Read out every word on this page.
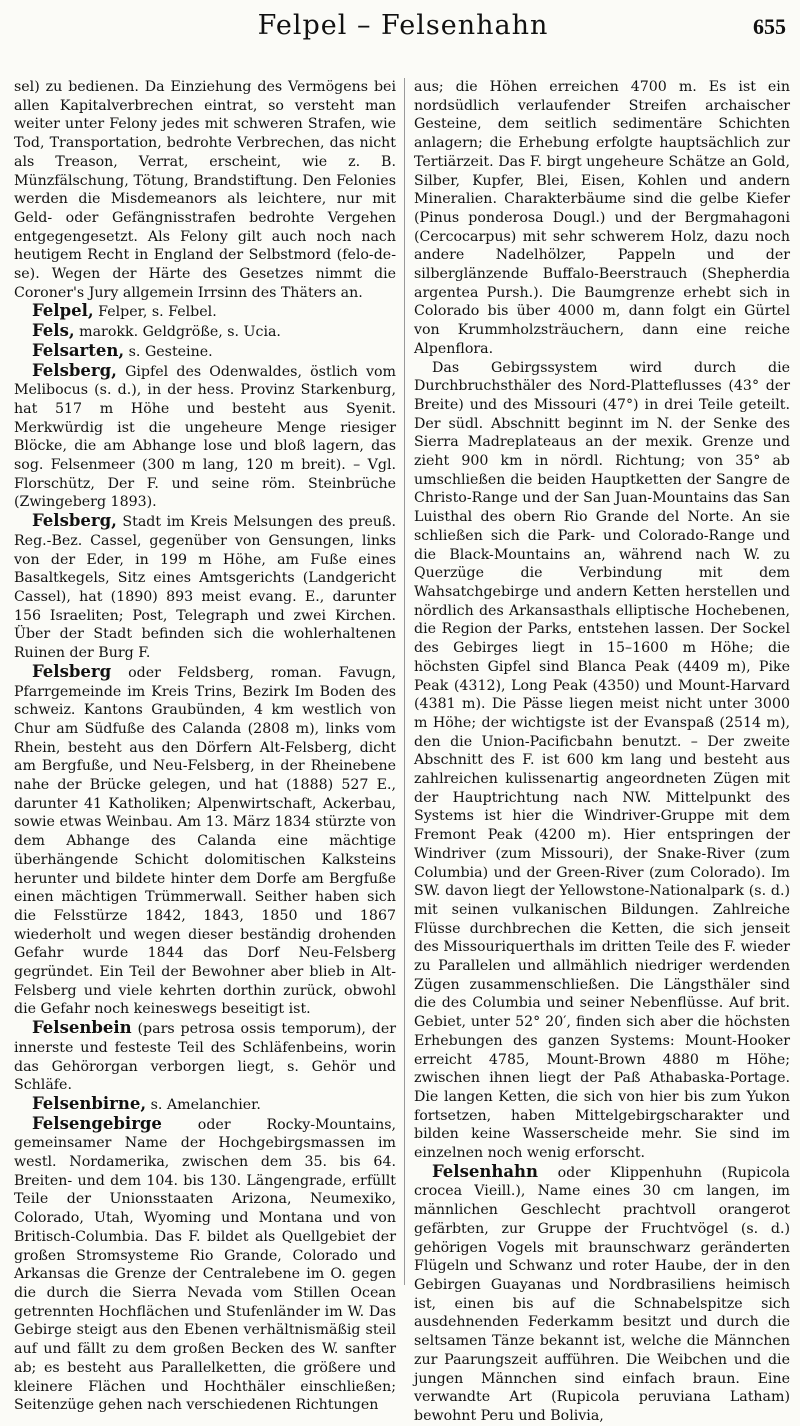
Felpel – Felsenhahn	655

sel) zu bedienen. Da Einziehung des Vermögens bei allen Kapitalverbrechen eintrat, so versteht man weiter unter Felony jedes mit schweren Strafen, wie Tod, Transportation, bedrohte Verbrechen, das nicht als Treason, Verrat, erscheint, wie z. B. Münzfälschung, Tötung, Brandstiftung. Den Felonies werden die Misdemeanors als leichtere, nur mit Geld- oder Gefängnisstrafen bedrohte Vergehen entgegengesetzt. Als Felony gilt auch noch nach heutigem Recht in England der Selbstmord (felo-de-se). Wegen der Härte des Gesetzes nimmt die Coroner's Jury allgemein Irrsinn des Thäters an.

Felpel, Felper, s. Felbel.

Fels, marokk. Geldgröße, s. Ucia.

Felsarten, s. Gesteine.

Felsberg, Gipfel des Odenwaldes, östlich vom Melibocus (s. d.), in der hess. Provinz Starkenburg, hat 517 m Höhe und besteht aus Syenit. Merkwürdig ist die ungeheure Menge riesiger Blöcke, die am Abhange lose und bloß lagern, das sog. Felsenmeer (300 m lang, 120 m breit). – Vgl. Florschütz, Der F. und seine röm. Steinbrüche (Zwingeberg 1893).

Felsberg, Stadt im Kreis Melsungen des preuß. Reg.-Bez. Cassel, gegenüber von Gensungen, links von der Eder, in 199 m Höhe, am Fuße eines Basaltkegels, Sitz eines Amtsgerichts (Landgericht Cassel), hat (1890) 893 meist evang. E., darunter 156 Israeliten; Post, Telegraph und zwei Kirchen. Über der Stadt befinden sich die wohlerhaltenen Ruinen der Burg F.

Felsberg oder Feldsberg, roman. Favugn, Pfarrgemeinde im Kreis Trins, Bezirk Im Boden des schweiz. Kantons Graubünden, 4 km westlich von Chur am Südfuße des Calanda (2808 m), links vom Rhein, besteht aus den Dörfern Alt-Felsberg, dicht am Bergfuße, und Neu-Felsberg, in der Rheinebene nahe der Brücke gelegen, und hat (1888) 527 E., darunter 41 Katholiken; Alpenwirtschaft, Ackerbau, sowie etwas Weinbau. Am 13. März 1834 stürzte von dem Abhange des Calanda eine mächtige überhängende Schicht dolomitischen Kalksteins herunter und bildete hinter dem Dorfe am Bergfuße einen mächtigen Trümmerwall. Seither haben sich die Felsstürze 1842, 1843, 1850 und 1867 wiederholt und wegen dieser beständig drohenden Gefahr wurde 1844 das Dorf Neu-Felsberg gegründet. Ein Teil der Bewohner aber blieb in Alt-Felsberg und viele kehrten dorthin zurück, obwohl die Gefahr noch keineswegs beseitigt ist.

Felsenbein (pars petrosa ossis temporum), der innerste und festeste Teil des Schläfenbeins, worin das Gehörorgan verborgen liegt, s. Gehör und Schläfe.

Felsenbirne, s. Amelanchier.

Felsengebirge	oder Rocky-Mountains, gemeinsamer Name der Hochgebirgsmassen im westl. Nordamerika, zwischen dem 35. bis 64. Breiten- und dem 104. bis 130. Längengrade, erfüllt Teile der Unionsstaaten Arizona, Neumexiko, Colorado, Utah, Wyoming und Montana und von Britisch-Columbia. Das F. bildet als Quellgebiet der großen Stromsysteme Rio Grande, Colorado und Arkansas die Grenze der Centralebene im O. gegen die durch die Sierra Nevada vom Stillen Ocean getrennten Hochflächen und Stufenländer im W. Das Gebirge steigt aus den Ebenen verhältnismäßig steil auf und fällt zu dem großen Becken des W. sanfter ab; es besteht aus Parallelketten, die größere und kleinere Flächen und Hochthäler einschließen; Seitenzüge gehen nach verschiedenen Richtungen

aus; die Höhen erreichen 4700 m. Es ist ein nordsüdlich verlaufender Streifen archaischer Gesteine, dem seitlich sedimentäre Schichten anlagern; die Erhebung erfolgte hauptsächlich zur Tertiärzeit. Das F. birgt ungeheure Schätze an Gold, Silber, Kupfer, Blei, Eisen, Kohlen und andern Mineralien. Charakterbäume sind die gelbe Kiefer (Pinus ponderosa Dougl.) und der Bergmahagoni (Cercocarpus) mit sehr schwerem Holz, dazu noch andere Nadelhölzer, Pappeln und der silberglänzende Buffalo-Beerstrauch (Shepherdia argentea Pursh.). Die Baumgrenze erhebt sich in Colorado bis über 4000 m, dann folgt ein Gürtel von Krummholzsträuchern, dann eine reiche Alpenflora.

Das Gebirgssystem wird durch die Durchbruchsthäler des Nord-Platteflusses (43° der Breite) und des Missouri (47°) in drei Teile geteilt. Der südl. Abschnitt beginnt im N. der Senke des Sierra Madreplateaus an der mexik. Grenze und zieht 900 km in nördl. Richtung; von 35° ab umschließen die beiden Hauptketten der Sangre de Christo-Range und der San Juan-Mountains das San Luisthal des obern Rio Grande del Norte. An sie schließen sich die Park- und Colorado-Range und die Black-Mountains an, während nach W. zu Querzüge die Verbindung mit dem Wahsatchgebirge und andern Ketten herstellen und nördlich des Arkansasthals elliptische Hochebenen, die Region der Parks, entstehen lassen. Der Sockel des Gebirges liegt in 15–1600 m Höhe; die höchsten Gipfel sind Blanca Peak (4409 m), Pike Peak (4312), Long Peak (4350) und Mount-Harvard (4381 m). Die Pässe liegen meist nicht unter 3000 m Höhe; der wichtigste ist der Evanspaß (2514 m), den die Union-Pacificbahn benutzt. – Der zweite Abschnitt des F. ist 600 km lang und besteht aus zahlreichen kulissenartig angeordneten Zügen mit der Hauptrichtung nach NW. Mittelpunkt des Systems ist hier die Windriver-Gruppe mit dem Fremont Peak (4200 m). Hier entspringen der Windriver (zum Missouri), der Snake-River (zum Columbia) und der Green-River (zum Colorado). Im SW. davon liegt der Yellowstone-Nationalpark (s. d.) mit seinen vulkanischen Bildungen. Zahlreiche Flüsse durchbrechen die Ketten, die sich jenseit des Missouriquerthals im dritten Teile des F. wieder zu Parallelen und allmählich niedriger werdenden Zügen zusammenschließen. Die Längsthäler sind die des Columbia und seiner Nebenflüsse. Auf brit. Gebiet, unter 52° 20′, finden sich aber die höchsten Erhebungen des ganzen Systems: Mount-Hooker erreicht 4785, Mount-Brown 4880 m Höhe; zwischen ihnen liegt der Paß Athabaska-Portage. Die langen Ketten, die sich von hier bis zum Yukon fortsetzen, haben Mittelgebirgscharakter und bilden keine Wasserscheide mehr. Sie sind im einzelnen noch wenig erforscht.

Felsenhahn oder Klippenhuhn (Rupicola crocea Vieill.), Name eines 30 cm langen, im männlichen Geschlecht prachtvoll orangerot gefärbten, zur Gruppe der Fruchtvögel (s. d.) gehörigen Vogels mit braunschwarz geränderten Flügeln und Schwanz und roter Haube, der in den Gebirgen Guayanas und Nordbrasiliens heimisch ist, einen bis auf die Schnabelspitze sich ausdehnenden Federkamm besitzt und durch die seltsamen Tänze bekannt ist, welche die Männchen zur Paarungszeit aufführen. Die Weibchen und die jungen Männchen sind einfach braun. Eine verwandte Art (Rupicola peruviana Latham) bewohnt Peru und Bolivia,
